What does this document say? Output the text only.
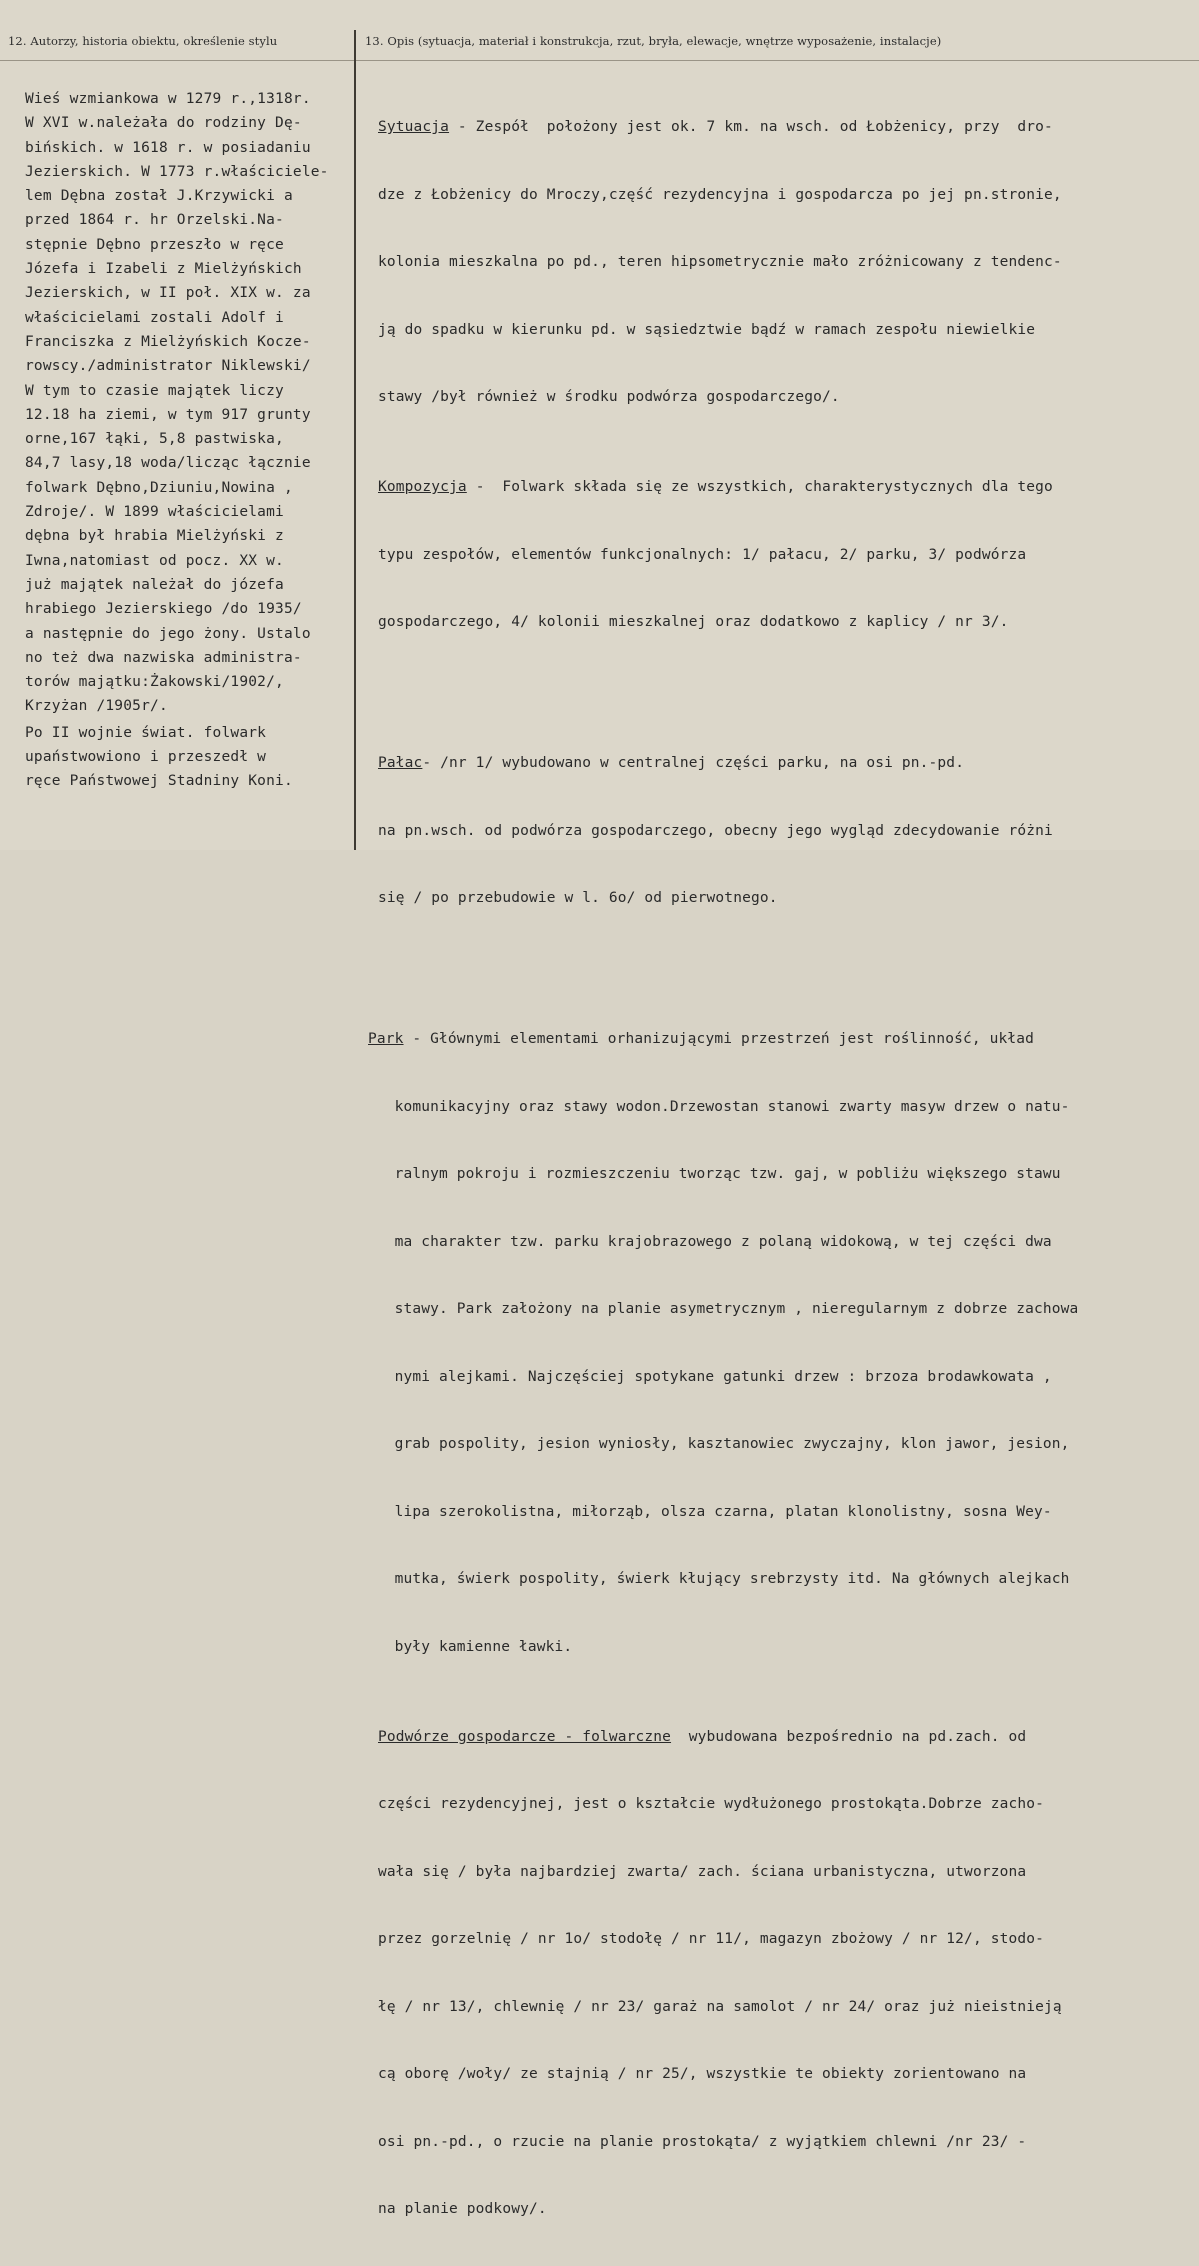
12. Autorzy, historia obiektu, określenie stylu	13. Opis (sytuacja, materiał i konstrukcja, rzut, bryła, elewacje, wnętrze wyposażenie, instalacje)
Wieś wzmiankowa w 1279 r.,1318r.
W XVI w.należała do rodziny Dę-
bińskich. w 1618 r. w posiadaniu
Jezierskich. W 1773 r.właściciele-
lem Dębna został J.Krzywicki a
przed 1864 r. hr Orzelski.Na-
stępnie Dębno przeszło w ręce
Józefa i Izabeli z Mielżyńskich
Jezierskich, w II poł. XIX w. za
właścicielami zostali Adolf i
Franciszka z Mielżyńskich Kocze-
rowscy./administrator Niklewski/
W tym to czasie majątek liczy
12.18 ha ziemi, w tym 917 grunty
orne,167 łąki, 5,8 pastwiska,
84,7 lasy,18 woda/licząc łącznie
folwark Dębno,Dziuniu,Nowina ,
Zdroje/. W 1899 właścicielami
dębna był hrabia Mielżyński z
Iwna,natomiast od pocz. XX w.
już majątek należał do józefa
hrabiego Jezierskiego /do 1935/
a następnie do jego żony. Ustalo
no też dwa nazwiska administra-
torów majątku:Żakowski/1902/,
Krzyżan /1905r/.
Po II wojnie świat. folwark
upaństwowiono i przeszedł w
ręce Państwowej Stadniny Koni.

Sytuacja - Zespół  położony jest ok. 7 km. na wsch. od Łobżenicy, przy  dro-

dze z Łobżenicy do Mroczy,część rezydencyjna i gospodarcza po jej pn.stronie,

kolonia mieszkalna po pd., teren hipsometrycznie mało zróżnicowany z tendenc-

ją do spadku w kierunku pd. w sąsiedztwie bądź w ramach zespołu niewielkie

stawy /był również w środku podwórza gospodarczego/.

Kompozycja -  Folwark składa się ze wszystkich, charakterystycznych dla tego

typu zespołów, elementów funkcjonalnych: 1/ pałacu, 2/ parku, 3/ podwórza

gospodarczego, 4/ kolonii mieszkalnej oraz dodatkowo z kaplicy / nr 3/.

Pałac- /nr 1/ wybudowano w centralnej części parku, na osi pn.-pd.

na pn.wsch. od podwórza gospodarczego, obecny jego wygląd zdecydowanie różni

się / po przebudowie w l. 6o/ od pierwotnego.

Park - Głównymi elementami orhanizującymi przestrzeń jest roślinność, układ

komunikacyjny oraz stawy wodon.Drzewostan stanowi zwarty masyw drzew o natu-

ralnym pokroju i rozmieszczeniu tworząc tzw. gaj, w pobliżu większego stawu

ma charakter tzw. parku krajobrazowego z polaną widokową, w tej części dwa

stawy. Park założony na planie asymetrycznym , nieregularnym z dobrze zachowa

nymi alejkami. Najczęściej spotykane gatunki drzew : brzoza brodawkowata ,

grab pospolity, jesion wyniosły, kasztanowiec zwyczajny, klon jawor, jesion,

lipa szerokolistna, miłorząb, olsza czarna, platan klonolistny, sosna Wey-

mutka, świerk pospolity, świerk kłujący srebrzysty itd. Na głównych alejkach

były kamienne ławki.

Podwórze gospodarcze - folwarczne  wybudowana bezpośrednio na pd.zach. od

części rezydencyjnej, jest o kształcie wydłużonego prostokąta.Dobrze zacho-

wała się / była najbardziej zwarta/ zach. ściana urbanistyczna, utworzona

przez gorzelnię / nr 1o/ stodołę / nr 11/, magazyn zbożowy / nr 12/, stodo-

łę / nr 13/, chlewnię / nr 23/ garaż na samolot / nr 24/ oraz już nieistnieją

cą oborę /woły/ ze stajnią / nr 25/, wszystkie te obiekty zorientowano na

osi pn.-pd., o rzucie na planie prostokąta/ z wyjątkiem chlewni /nr 23/ -

na planie podkowy/.
